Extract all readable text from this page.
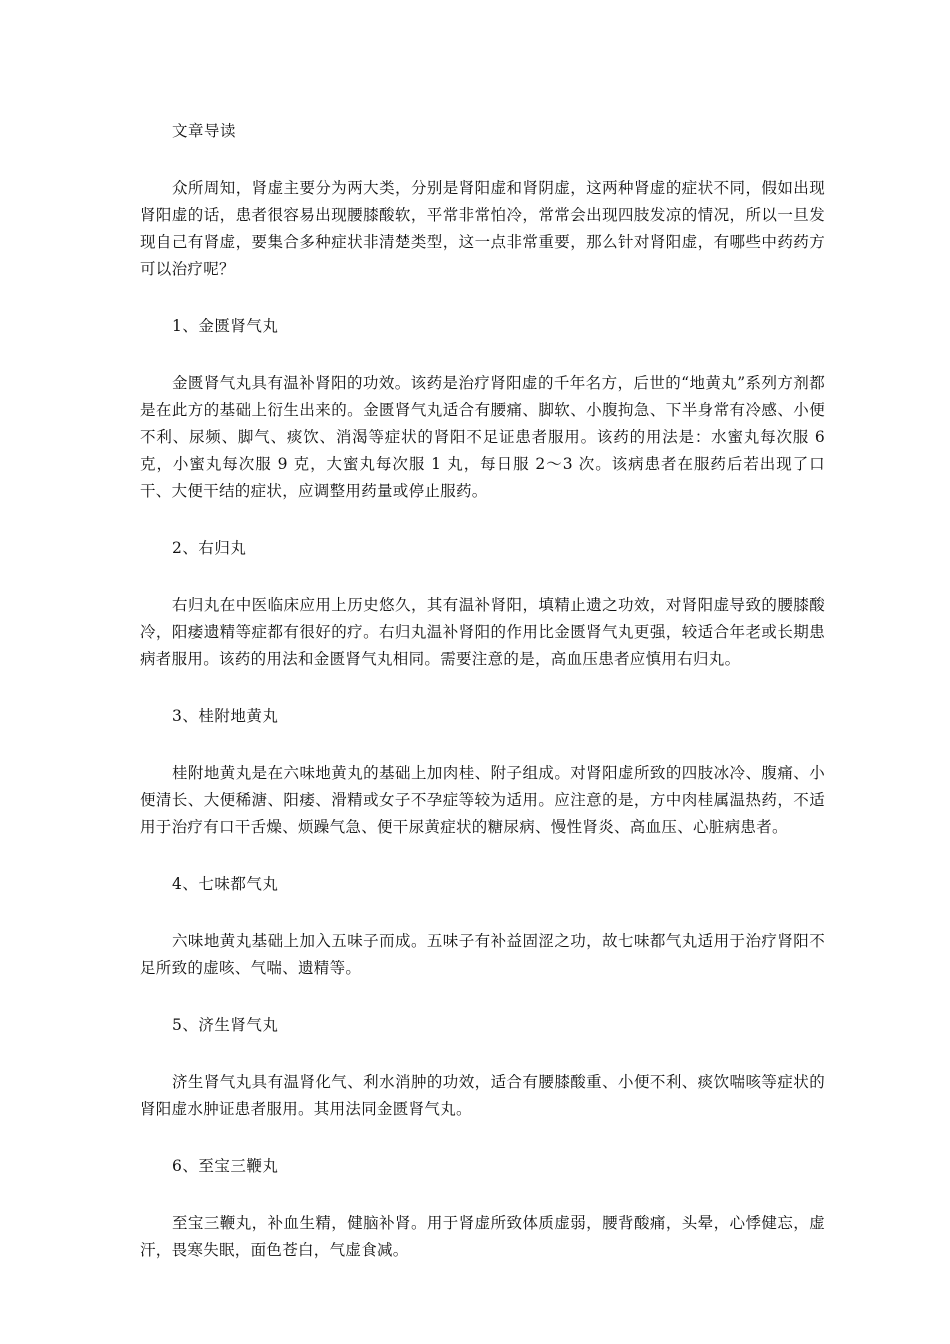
文章导读

众所周知，肾虚主要分为两大类，分别是肾阳虚和肾阴虚，这两种肾虚的症状不同，假如出现肾阳虚的话，患者很容易出现腰膝酸软，平常非常怕冷，常常会出现四肢发凉的情况，所以一旦发现自己有肾虚，要集合多种症状非清楚类型，这一点非常重要，那么针对肾阳虚，有哪些中药药方可以治疗呢？

1、金匮肾气丸

金匮肾气丸具有温补肾阳的功效。该药是治疗肾阳虚的千年名方，后世的“地黄丸”系列方剂都是在此方的基础上衍生出来的。金匮肾气丸适合有腰痛、脚软、小腹拘急、下半身常有冷感、小便不利、尿频、脚气、痰饮、消渴等症状的肾阳不足证患者服用。该药的用法是：水蜜丸每次服 6 克，小蜜丸每次服 9 克，大蜜丸每次服 1 丸，每日服 2～3 次。该病患者在服药后若出现了口干、大便干结的症状，应调整用药量或停止服药。

2、右归丸

右归丸在中医临床应用上历史悠久，其有温补肾阳，填精止遗之功效，对肾阳虚导致的腰膝酸冷，阳痿遗精等症都有很好的疗。右归丸温补肾阳的作用比金匮肾气丸更强，较适合年老或长期患病者服用。该药的用法和金匮肾气丸相同。需要注意的是，高血压患者应慎用右归丸。

3、桂附地黄丸

桂附地黄丸是在六味地黄丸的基础上加肉桂、附子组成。对肾阳虚所致的四肢冰冷、腹痛、小便清长、大便稀溏、阳痿、滑精或女子不孕症等较为适用。应注意的是，方中肉桂属温热药，不适用于治疗有口干舌燥、烦躁气急、便干尿黄症状的糖尿病、慢性肾炎、高血压、心脏病患者。

4、七味都气丸

六味地黄丸基础上加入五味子而成。五味子有补益固涩之功，故七味都气丸适用于治疗肾阳不足所致的虚咳、气喘、遗精等。

5、济生肾气丸

济生肾气丸具有温肾化气、利水消肿的功效，适合有腰膝酸重、小便不利、痰饮喘咳等症状的肾阳虚水肿证患者服用。其用法同金匮肾气丸。

6、至宝三鞭丸

至宝三鞭丸，补血生精，健脑补肾。用于肾虚所致体质虚弱，腰背酸痛，头晕，心悸健忘，虚汗，畏寒失眠，面色苍白，气虚食减。
